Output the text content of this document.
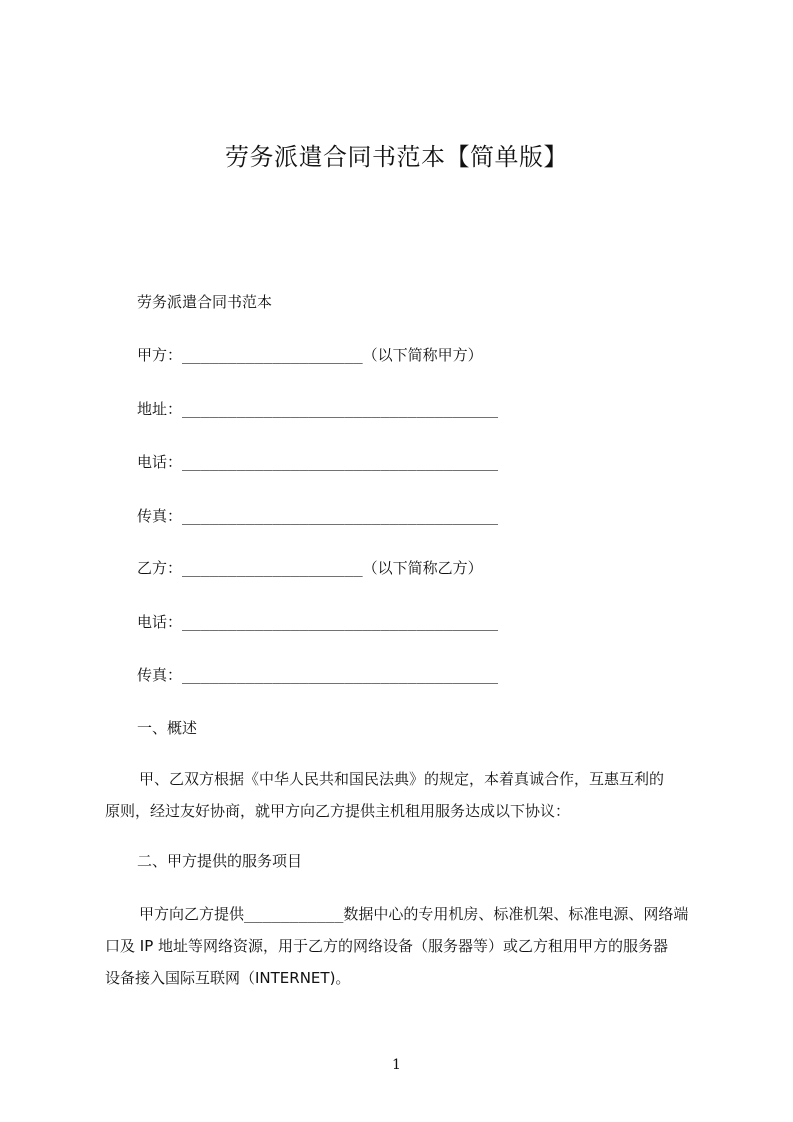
劳务派遣合同书范本【简单版】
劳务派遣合同书范本
甲方：____________________（以下简称甲方）
地址：___________________________________
电话：___________________________________
传真：___________________________________
乙方：____________________（以下简称乙方）
电话：___________________________________
传真：___________________________________
一、概述
甲、乙双方根据《中华人民共和国民法典》的规定，本着真诚合作，互惠互利的
原则，经过友好协商，就甲方向乙方提供主机租用服务达成以下协议：
二、甲方提供的服务项目
甲方向乙方提供___________数据中心的专用机房、标准机架、标准电源、网络端
口及 IP 地址等网络资源，用于乙方的网络设备（服务器等）或乙方租用甲方的服务器
设备接入国际互联网（INTERNET)。
1
